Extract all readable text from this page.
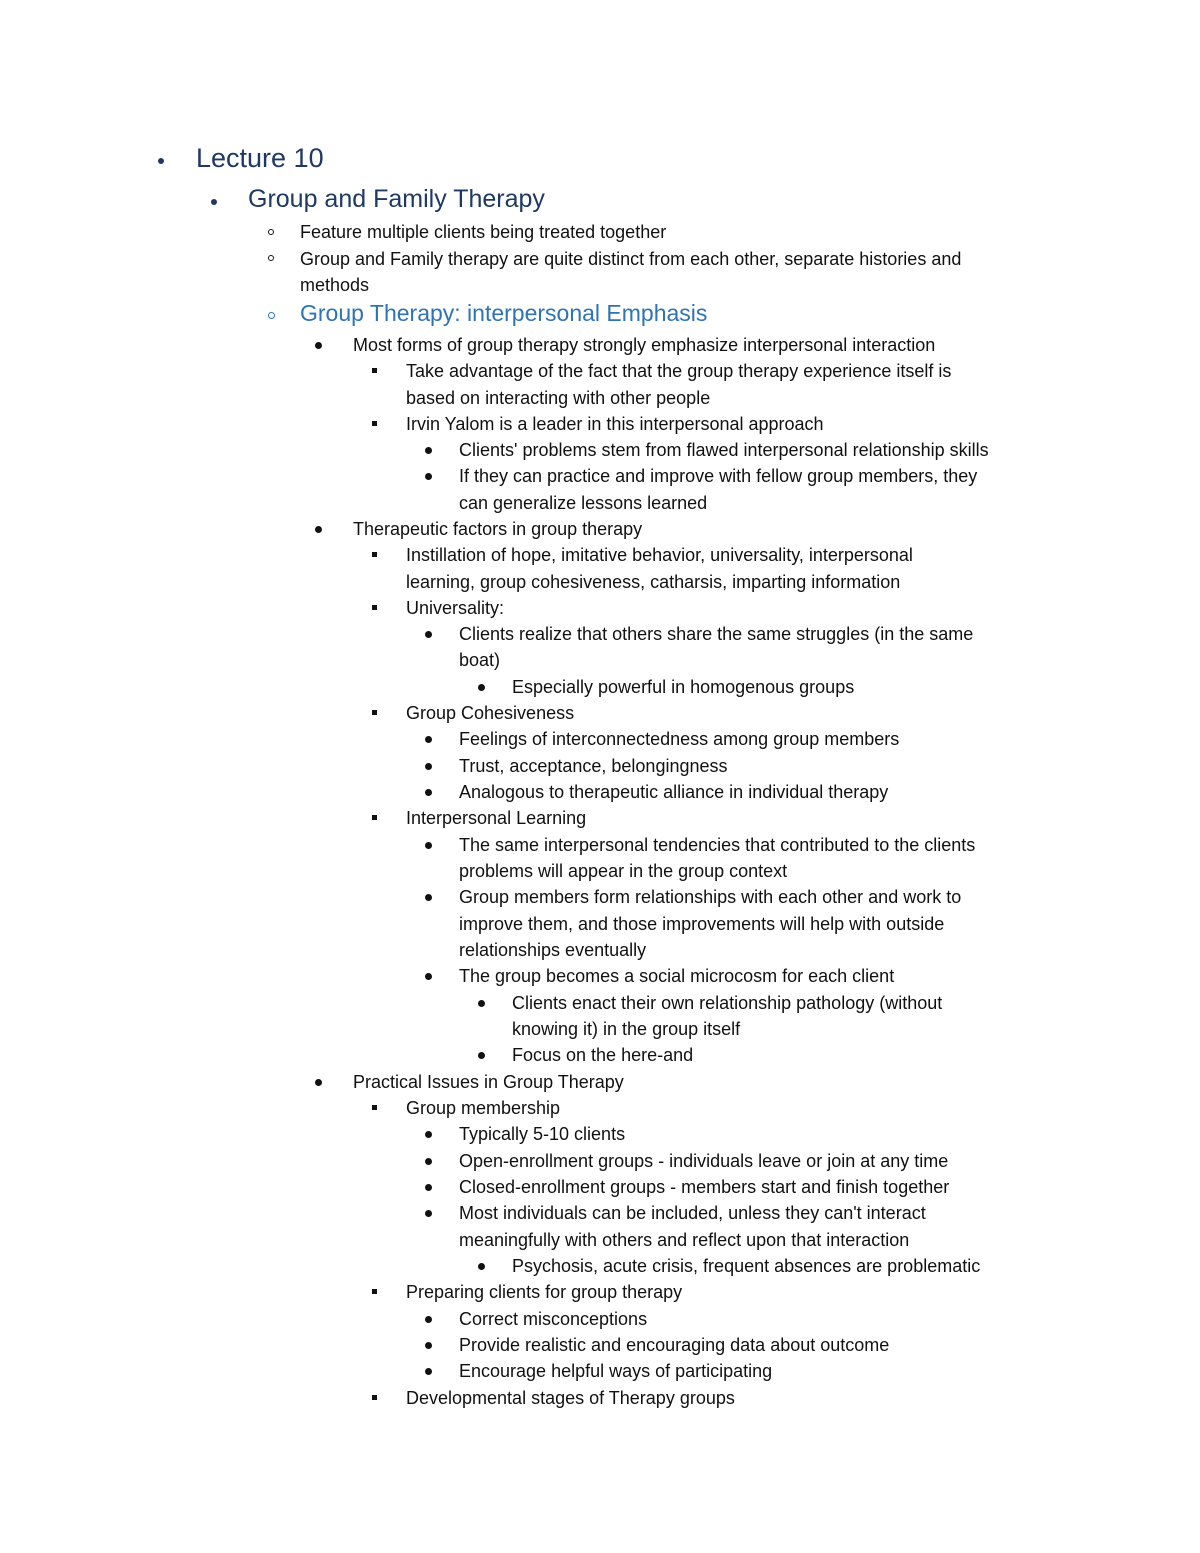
Lecture 10
Group and Family Therapy
Feature multiple clients being treated together
Group and Family therapy are quite distinct from each other, separate histories and
methods
Group Therapy: interpersonal Emphasis
Most forms of group therapy strongly emphasize interpersonal interaction
Take advantage of the fact that the group therapy experience itself is
based on interacting with other people
Irvin Yalom is a leader in this interpersonal approach
Clients' problems stem from flawed interpersonal relationship skills
If they can practice and improve with fellow group members, they
can generalize lessons learned
Therapeutic factors in group therapy
Instillation of hope, imitative behavior, universality, interpersonal
learning, group cohesiveness, catharsis, imparting information
Universality:
Clients realize that others share the same struggles (in the same
boat)
Especially powerful in homogenous groups
Group Cohesiveness
Feelings of interconnectedness among group members
Trust, acceptance, belongingness
Analogous to therapeutic alliance in individual therapy
Interpersonal Learning
The same interpersonal tendencies that contributed to the clients
problems will appear in the group context
Group members form relationships with each other and work to
improve them, and those improvements will help with outside
relationships eventually
The group becomes a social microcosm for each client
Clients enact their own relationship pathology (without
knowing it) in the group itself
Focus on the here-and
Practical Issues in Group Therapy
Group membership
Typically 5-10 clients
Open-enrollment groups - individuals leave or join at any time
Closed-enrollment groups - members start and finish together
Most individuals can be included, unless they can't interact
meaningfully with others and reflect upon that interaction
Psychosis, acute crisis, frequent absences are problematic
Preparing clients for group therapy
Correct misconceptions
Provide realistic and encouraging data about outcome
Encourage helpful ways of participating
Developmental stages of Therapy groups
